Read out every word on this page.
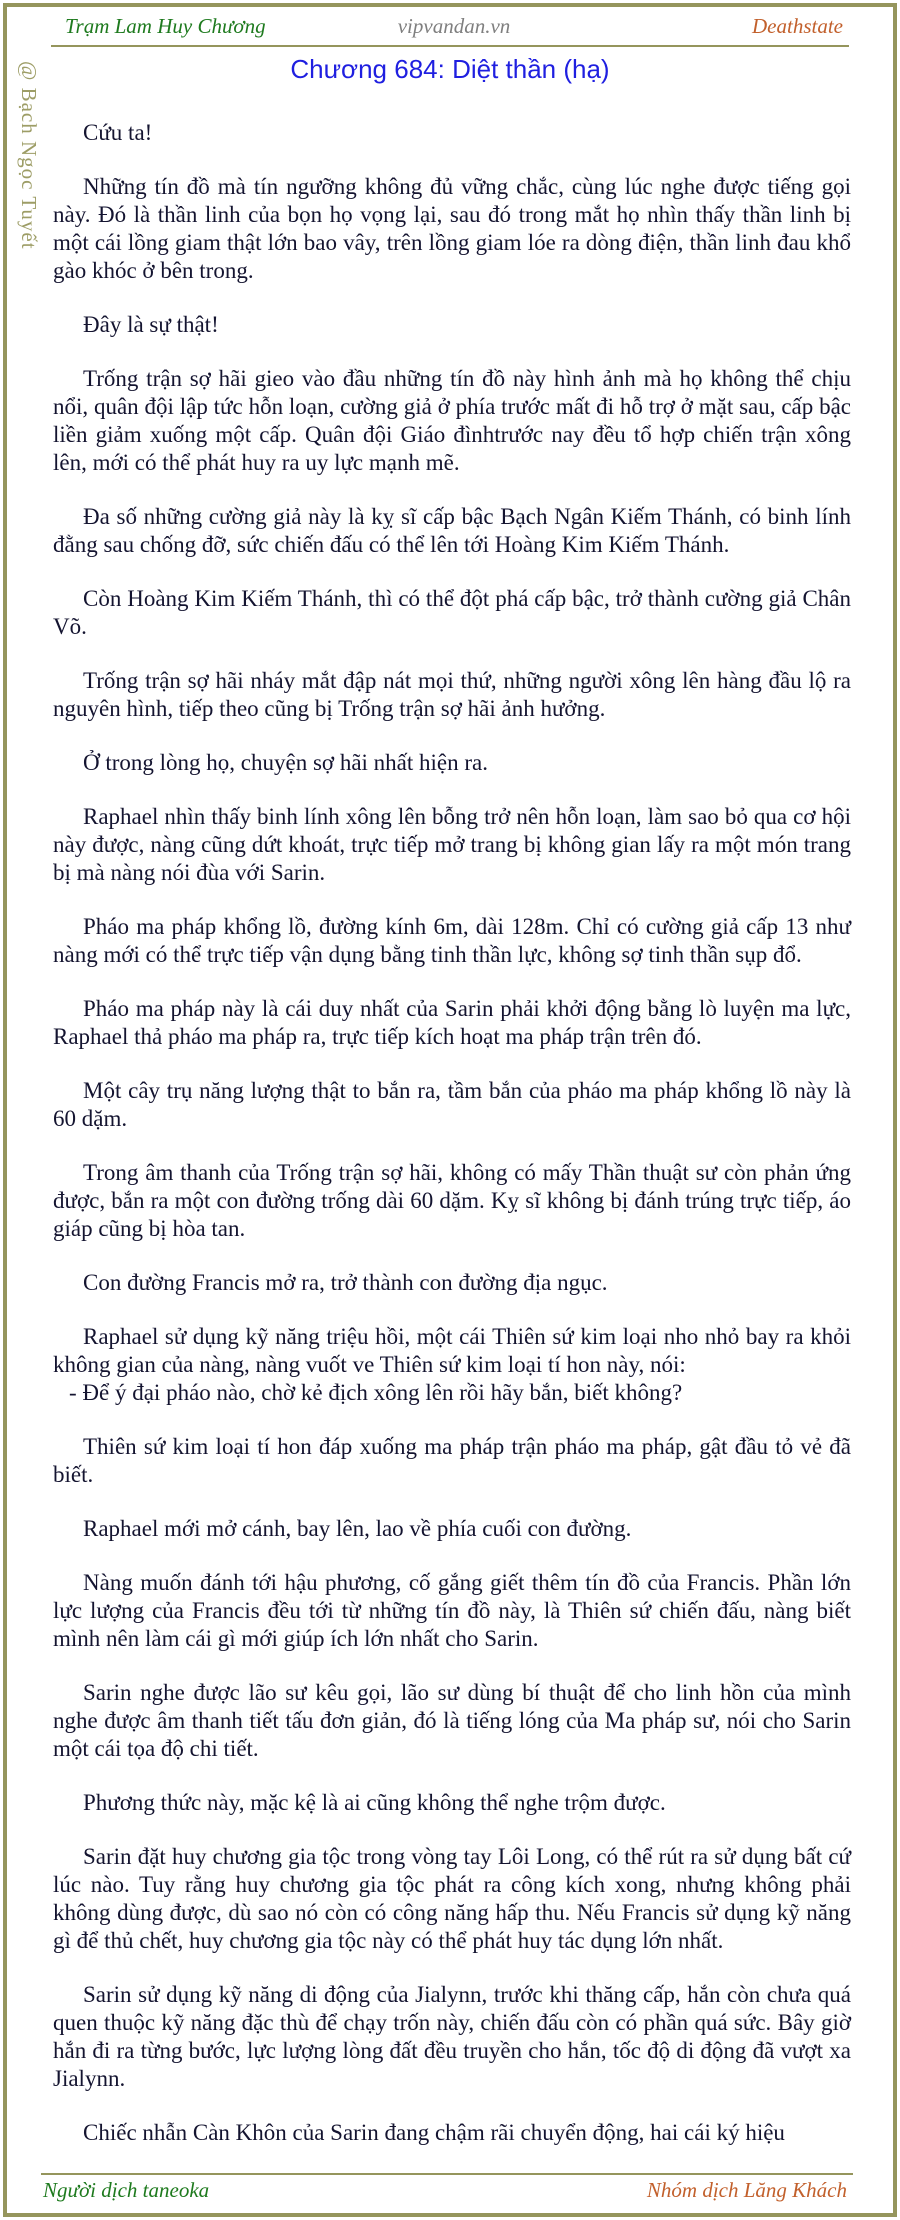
Trạm Lam Huy Chương	vipvandan.vn	Deathstate
Chương 684: Diệt thần (hạ)
@ Bạch Ngọc Tuyết	Cứu ta!

Những tín đồ mà tín ngưỡng không đủ vững chắc, cùng lúc nghe được tiếng gọi này. Đó là thần linh của bọn họ vọng lại, sau đó trong mắt họ nhìn thấy thần linh bị một cái lồng giam thật lớn bao vây, trên lồng giam lóe ra dòng điện, thần linh đau khổ gào khóc ở bên trong.

Đây là sự thật!

Trống trận sợ hãi gieo vào đầu những tín đồ này hình ảnh mà họ không thể chịu nổi, quân đội lập tức hỗn loạn, cường giả ở phía trước mất đi hỗ trợ ở mặt sau, cấp bậc liền giảm xuống một cấp. Quân đội Giáo đìnhtrước nay đều tổ hợp chiến trận xông lên, mới có thể phát huy ra uy lực mạnh mẽ.

Đa số những cường giả này là kỵ sĩ cấp bậc Bạch Ngân Kiếm Thánh, có binh lính đằng sau chống đỡ, sức chiến đấu có thể lên tới Hoàng Kim Kiếm Thánh.

Còn Hoàng Kim Kiếm Thánh, thì có thể đột phá cấp bậc, trở thành cường giả Chân Võ.

Trống trận sợ hãi nháy mắt đập nát mọi thứ, những người xông lên hàng đầu lộ ra nguyên hình, tiếp theo cũng bị Trống trận sợ hãi ảnh hưởng.

Ở trong lòng họ, chuyện sợ hãi nhất hiện ra.

Raphael nhìn thấy binh lính xông lên bỗng trở nên hỗn loạn, làm sao bỏ qua cơ hội này được, nàng cũng dứt khoát, trực tiếp mở trang bị không gian lấy ra một món trang bị mà nàng nói đùa với Sarin.

Pháo ma pháp khổng lồ, đường kính 6m, dài 128m. Chỉ có cường giả cấp 13 như nàng mới có thể trực tiếp vận dụng bằng tinh thần lực, không sợ tinh thần sụp đổ.

Pháo ma pháp này là cái duy nhất của Sarin phải khởi động bằng lò luyện ma lực, Raphael thả pháo ma pháp ra, trực tiếp kích hoạt ma pháp trận trên đó.

Một cây trụ năng lượng thật to bắn ra, tầm bắn của pháo ma pháp khổng lồ này là 60 dặm.

Trong âm thanh của Trống trận sợ hãi, không có mấy Thần thuật sư còn phản ứng được, bắn ra một con đường trống dài 60 dặm. Kỵ sĩ không bị đánh trúng trực tiếp, áo giáp cũng bị hòa tan.

Con đường Francis mở ra, trở thành con đường địa ngục.

Raphael sử dụng kỹ năng triệu hồi, một cái Thiên sứ kim loại nho nhỏ bay ra khỏi không gian của nàng, nàng vuốt ve Thiên sứ kim loại tí hon này, nói:

- Để ý đại pháo nào, chờ kẻ địch xông lên rồi hãy bắn, biết không?

Thiên sứ kim loại tí hon đáp xuống ma pháp trận pháo ma pháp, gật đầu tỏ vẻ đã biết.

Raphael mới mở cánh, bay lên, lao về phía cuối con đường.

Nàng muốn đánh tới hậu phương, cố gắng giết thêm tín đồ của Francis. Phần lớn lực lượng của Francis đều tới từ những tín đồ này, là Thiên sứ chiến đấu, nàng biết mình nên làm cái gì mới giúp ích lớn nhất cho Sarin.

Sarin nghe được lão sư kêu gọi, lão sư dùng bí thuật để cho linh hồn của mình nghe được âm thanh tiết tấu đơn giản, đó là tiếng lóng của Ma pháp sư, nói cho Sarin một cái tọa độ chi tiết.

Phương thức này, mặc kệ là ai cũng không thể nghe trộm được.

Sarin đặt huy chương gia tộc trong vòng tay Lôi Long, có thể rút ra sử dụng bất cứ lúc nào. Tuy rằng huy chương gia tộc phát ra công kích xong, nhưng không phải không dùng được, dù sao nó còn có công năng hấp thu. Nếu Francis sử dụng kỹ năng gì để thủ chết, huy chương gia tộc này có thể phát huy tác dụng lớn nhất.

Sarin sử dụng kỹ năng di động của Jialynn, trước khi thăng cấp, hắn còn chưa quá quen thuộc kỹ năng đặc thù để chạy trốn này, chiến đấu còn có phần quá sức. Bây giờ hắn đi ra từng bước, lực lượng lòng đất đều truyền cho hắn, tốc độ di động đã vượt xa Jialynn.

Chiếc nhẫn Càn Khôn của Sarin đang chậm rãi chuyển động, hai cái ký hiệu

Người dịch taneoka	Nhóm dịch Lăng Khách
